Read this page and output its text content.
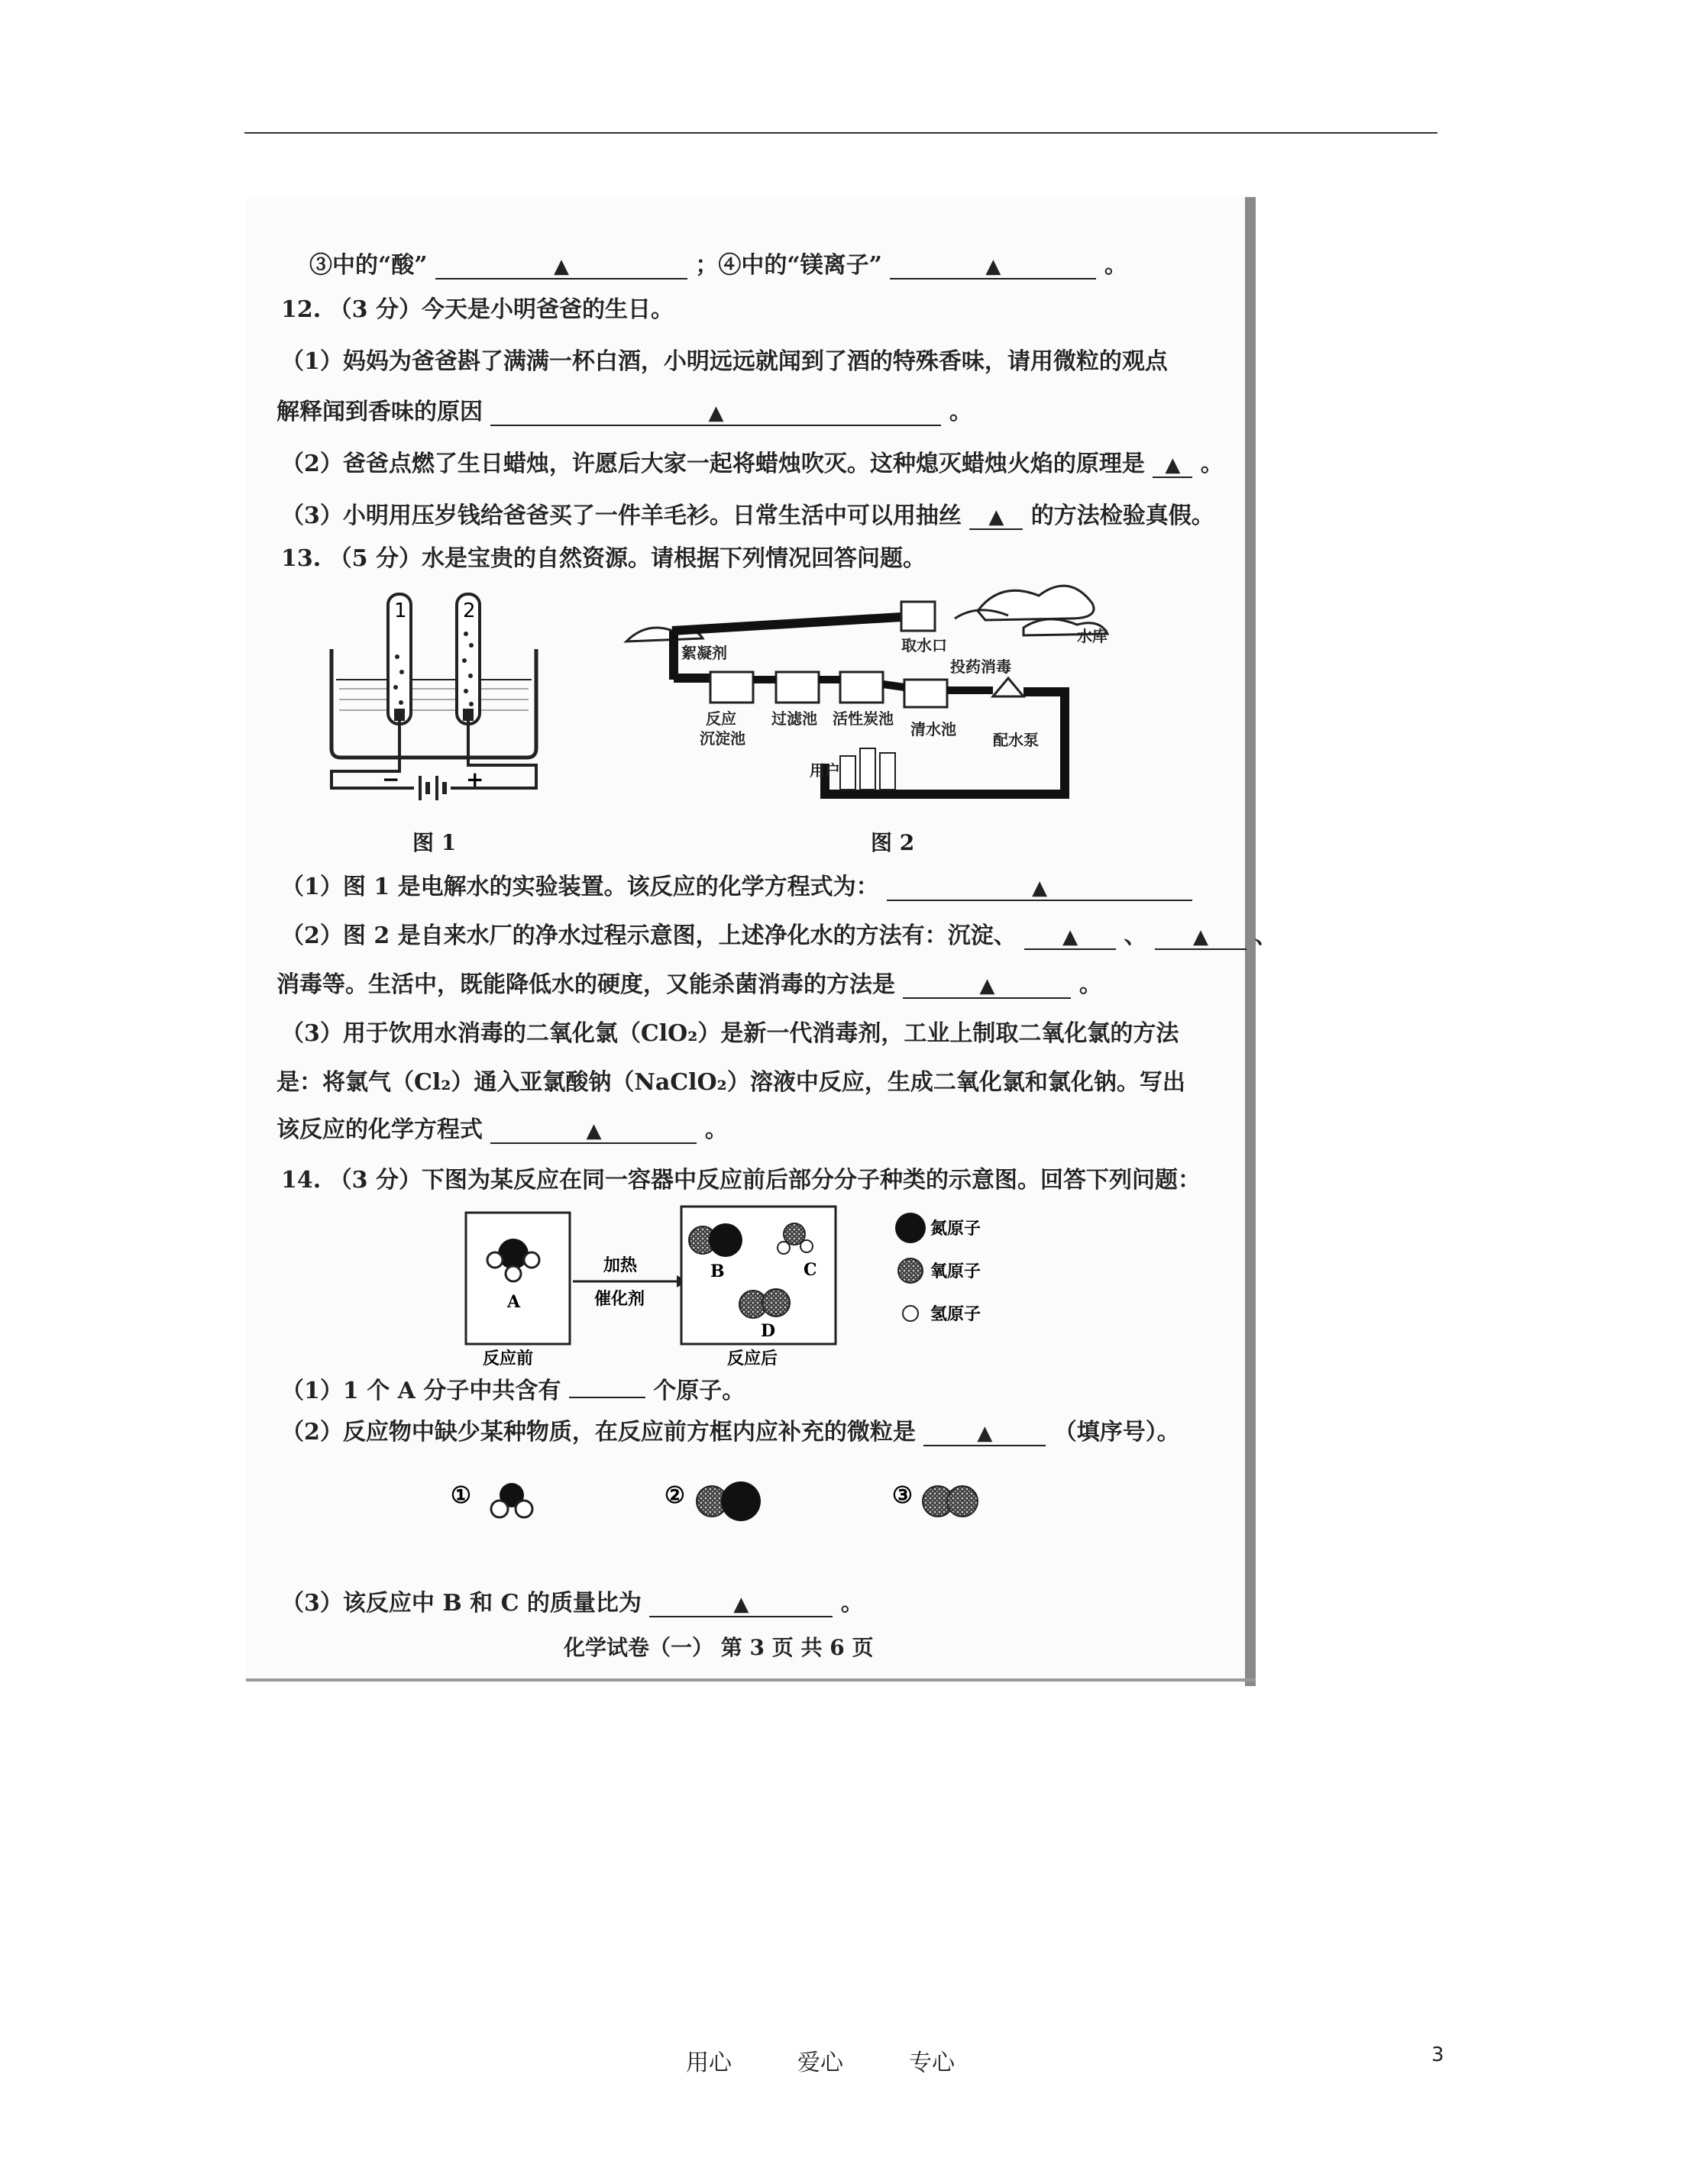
③中的“酸”	▲	；④中的“镁离子”	▲	。
12. （3 分）今天是小明爸爸的生日。
（1）妈妈为爸爸斟了满满一杯白酒，小明远远就闻到了酒的特殊香味，请用微粒的观点
解释闻到香味的原因	▲	。
（2）爸爸点燃了生日蜡烛，许愿后大家一起将蜡烛吹灭。这种熄灭蜡烛火焰的原理是 ▲ 。
（3）小明用压岁钱给爸爸买了一件羊毛衫。日常生活中可以用抽丝 ▲ 的方法检验真假。
13. （5 分）水是宝贵的自然资源。请根据下列情况回答问题。
1	2
−	+
图 1
取水口	水库
絮凝剂
反应
沉淀池
过滤池 活性炭池
清水池
投药消毒
配水泵
用户
图 2
（1）图 1 是电解水的实验装置。该反应的化学方程式为：	▲
（2）图 2 是自来水厂的净水过程示意图，上述净化水的方法有：沉淀、 ▲ 、 ▲ 、
消毒等。生活中，既能降低水的硬度，又能杀菌消毒的方法是	▲	。
（3）用于饮用水消毒的二氧化氯（ClO₂）是新一代消毒剂，工业上制取二氧化氯的方法
是：将氯气（Cl₂）通入亚氯酸钠（NaClO₂）溶液中反应，生成二氧化氯和氯化钠。写出
该反应的化学方程式	▲	。
14. （3 分）下图为某反应在同一容器中反应前后部分分子种类的示意图。回答下列问题：
A
反应前
加热
催化剂
B	C
D
反应后
氮原子
氧原子
氢原子
（1）1 个 A 分子中共含有	个原子。
（2）反应物中缺少某种物质，在反应前方框内应补充的微粒是	▲	（填序号）。
①	②	③
（3）该反应中 B 和 C 的质量比为	▲	。
化学试卷（一） 第 3 页 共 6 页
用心	爱心	专心	3
